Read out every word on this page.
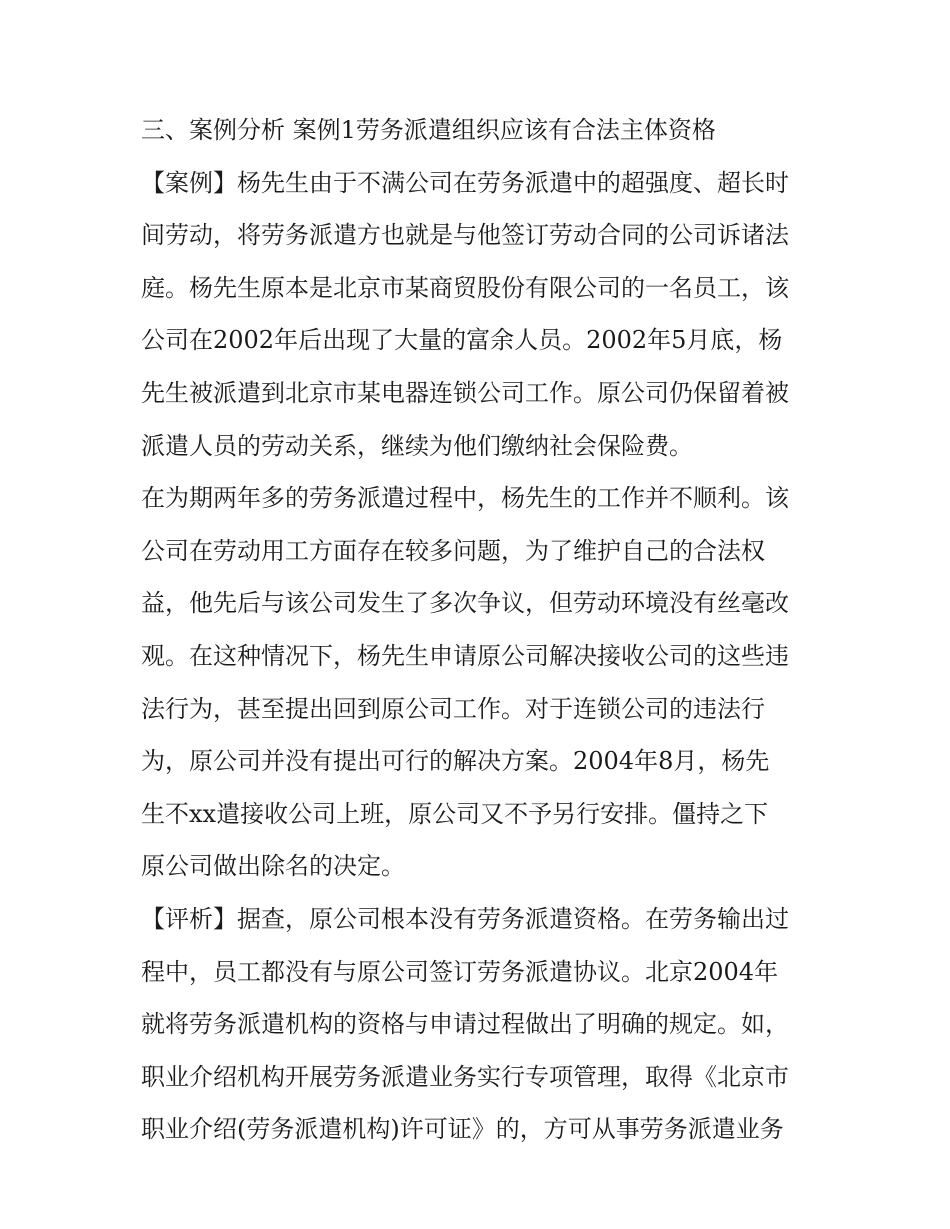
三、案例分析 案例1劳务派遣组织应该有合法主体资格
【案例】杨先生由于不满公司在劳务派遣中的超强度、超长时
间劳动，将劳务派遣方也就是与他签订劳动合同的公司诉诸法
庭。杨先生原本是北京市某商贸股份有限公司的一名员工，该
公司在2002年后出现了大量的富余人员。2002年5月底，杨
先生被派遣到北京市某电器连锁公司工作。原公司仍保留着被
派遣人员的劳动关系，继续为他们缴纳社会保险费。
在为期两年多的劳务派遣过程中，杨先生的工作并不顺利。该
公司在劳动用工方面存在较多问题，为了维护自己的合法权
益，他先后与该公司发生了多次争议，但劳动环境没有丝毫改
观。在这种情况下，杨先生申请原公司解决接收公司的这些违
法行为，甚至提出回到原公司工作。对于连锁公司的违法行
为，原公司并没有提出可行的解决方案。2004年8月，杨先
生不xx遣接收公司上班，原公司又不予另行安排。僵持之下
原公司做出除名的决定。
【评析】据查，原公司根本没有劳务派遣资格。在劳务输出过
程中，员工都没有与原公司签订劳务派遣协议。北京2004年
就将劳务派遣机构的资格与申请过程做出了明确的规定。如，
职业介绍机构开展劳务派遣业务实行专项管理，取得《北京市
职业介绍(劳务派遣机构)许可证》的，方可从事劳务派遣业务
